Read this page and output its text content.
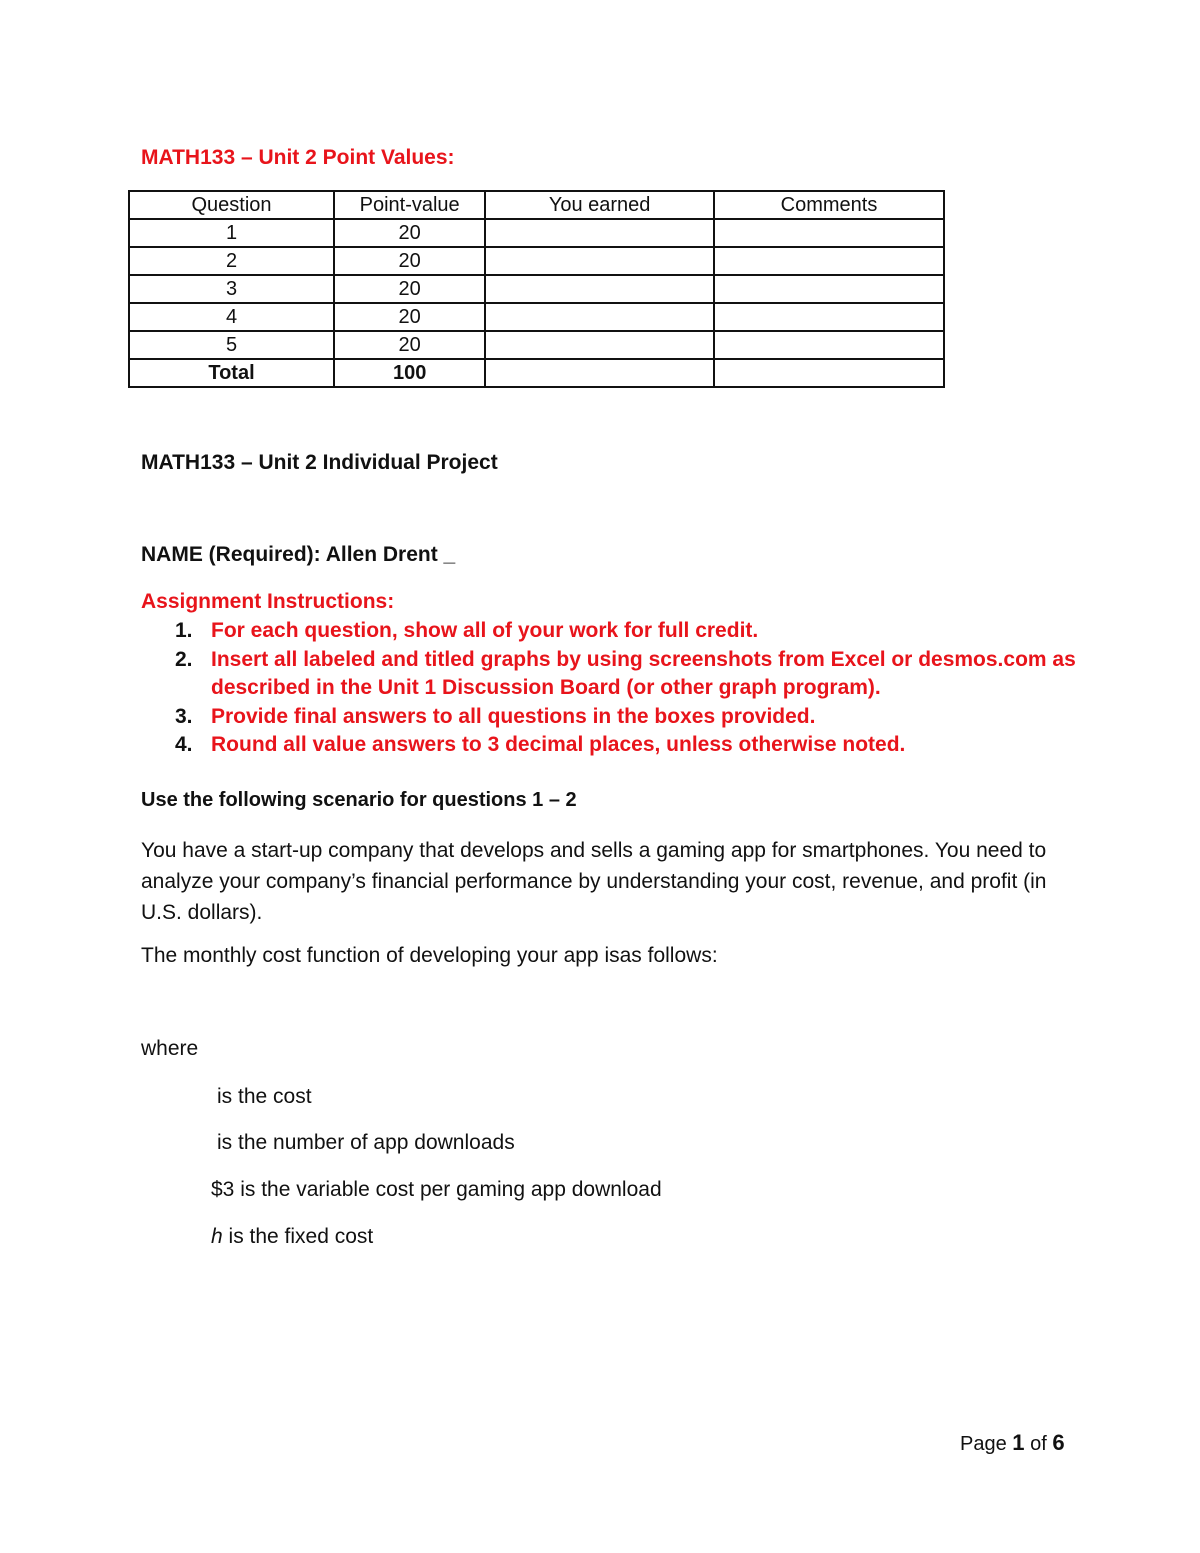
MATH133 – Unit 2 Point Values:
Question	Point-value	You earned	Comments
1	20		
2	20		
3	20		
4	20		
5	20		
Total	100		
MATH133 – Unit 2 Individual Project
NAME (Required): Allen Drent _
Assignment Instructions:
1. For each question, show all of your work for full credit.
2. Insert all labeled and titled graphs by using screenshots from Excel or desmos.com as described in the Unit 1 Discussion Board (or other graph program).
3. Provide final answers to all questions in the boxes provided.
4. Round all value answers to 3 decimal places, unless otherwise noted.
Use the following scenario for questions 1 – 2

You have a start-up company that develops and sells a gaming app for smartphones. You need to analyze your company’s financial performance by understanding your cost, revenue, and profit (in U.S. dollars).

The monthly cost function of developing your app isas follows:
where
is the cost
is the number of app downloads
$3 is the variable cost per gaming app download
h is the fixed cost
Page 1 of 6
